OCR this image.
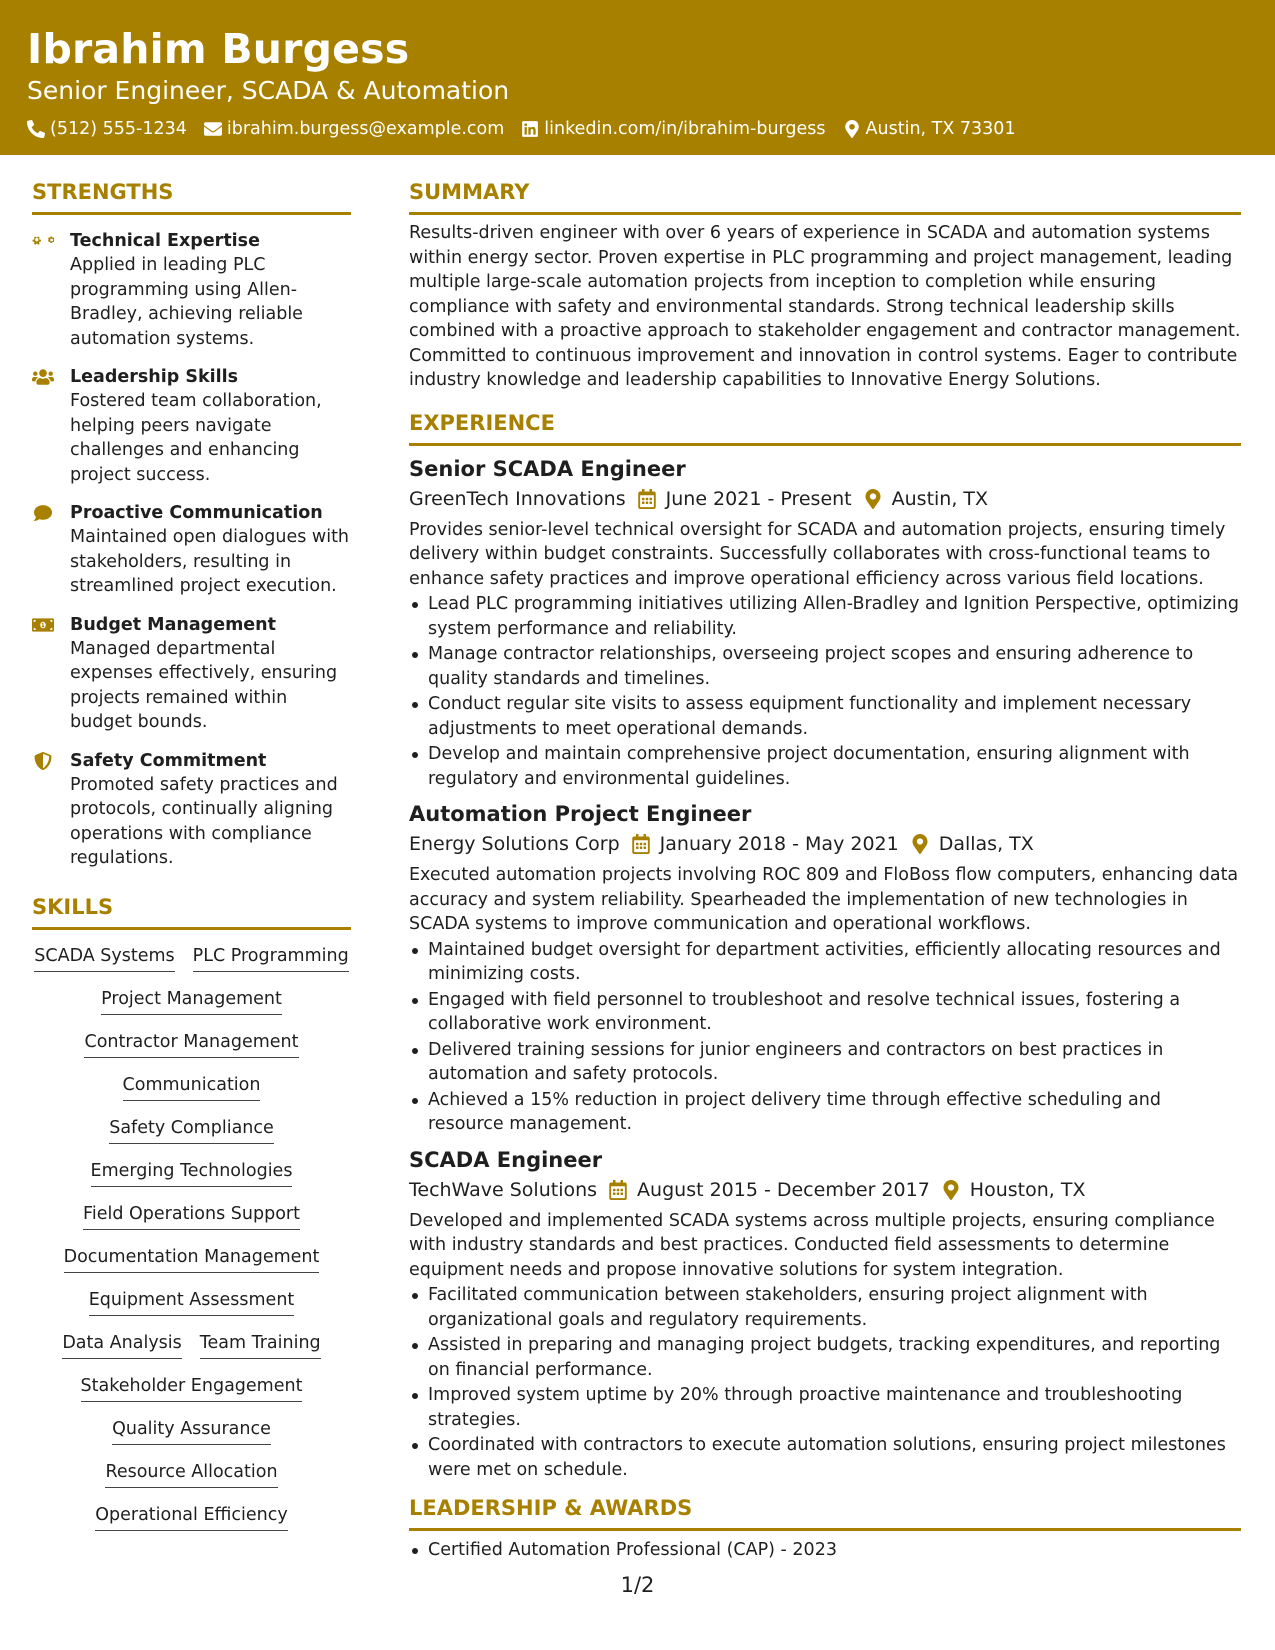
Ibrahim Burgess
Senior Engineer, SCADA & Automation
(512) 555-1234 ibrahim.burgess@example.com linkedin.com/in/ibrahim-burgess Austin, TX 73301
STRENGTHS
Technical Expertise
Applied in leading PLC programming using Allen-Bradley, achieving reliable automation systems.
Leadership Skills
Fostered team collaboration, helping peers navigate challenges and enhancing project success.
Proactive Communication
Maintained open dialogues with stakeholders, resulting in streamlined project execution.
Budget Management
Managed departmental expenses effectively, ensuring projects remained within budget bounds.
Safety Commitment
Promoted safety practices and protocols, continually aligning operations with compliance regulations.
SKILLS
SCADA Systems PLC Programming
Project Management
Contractor Management
Communication
Safety Compliance
Emerging Technologies
Field Operations Support
Documentation Management
Equipment Assessment
Data Analysis Team Training
Stakeholder Engagement
Quality Assurance
Resource Allocation
Operational Efficiency
SUMMARY
Results-driven engineer with over 6 years of experience in SCADA and automation systems within energy sector. Proven expertise in PLC programming and project management, leading multiple large-scale automation projects from inception to completion while ensuring compliance with safety and environmental standards. Strong technical leadership skills combined with a proactive approach to stakeholder engagement and contractor management. Committed to continuous improvement and innovation in control systems. Eager to contribute industry knowledge and leadership capabilities to Innovative Energy Solutions.
EXPERIENCE
Senior SCADA Engineer
GreenTech Innovations June 2021 - Present Austin, TX
Provides senior-level technical oversight for SCADA and automation projects, ensuring timely delivery within budget constraints. Successfully collaborates with cross-functional teams to enhance safety practices and improve operational efficiency across various field locations.
Lead PLC programming initiatives utilizing Allen-Bradley and Ignition Perspective, optimizing system performance and reliability.
Manage contractor relationships, overseeing project scopes and ensuring adherence to quality standards and timelines.
Conduct regular site visits to assess equipment functionality and implement necessary adjustments to meet operational demands.
Develop and maintain comprehensive project documentation, ensuring alignment with regulatory and environmental guidelines.
Automation Project Engineer
Energy Solutions Corp January 2018 - May 2021 Dallas, TX
Executed automation projects involving ROC 809 and FloBoss flow computers, enhancing data accuracy and system reliability. Spearheaded the implementation of new technologies in SCADA systems to improve communication and operational workflows.
Maintained budget oversight for department activities, efficiently allocating resources and minimizing costs.
Engaged with field personnel to troubleshoot and resolve technical issues, fostering a collaborative work environment.
Delivered training sessions for junior engineers and contractors on best practices in automation and safety protocols.
Achieved a 15% reduction in project delivery time through effective scheduling and resource management.
SCADA Engineer
TechWave Solutions August 2015 - December 2017 Houston, TX
Developed and implemented SCADA systems across multiple projects, ensuring compliance with industry standards and best practices. Conducted field assessments to determine equipment needs and propose innovative solutions for system integration.
Facilitated communication between stakeholders, ensuring project alignment with organizational goals and regulatory requirements.
Assisted in preparing and managing project budgets, tracking expenditures, and reporting on financial performance.
Improved system uptime by 20% through proactive maintenance and troubleshooting strategies.
Coordinated with contractors to execute automation solutions, ensuring project milestones were met on schedule.
LEADERSHIP & AWARDS
Certified Automation Professional (CAP) - 2023
1/2
